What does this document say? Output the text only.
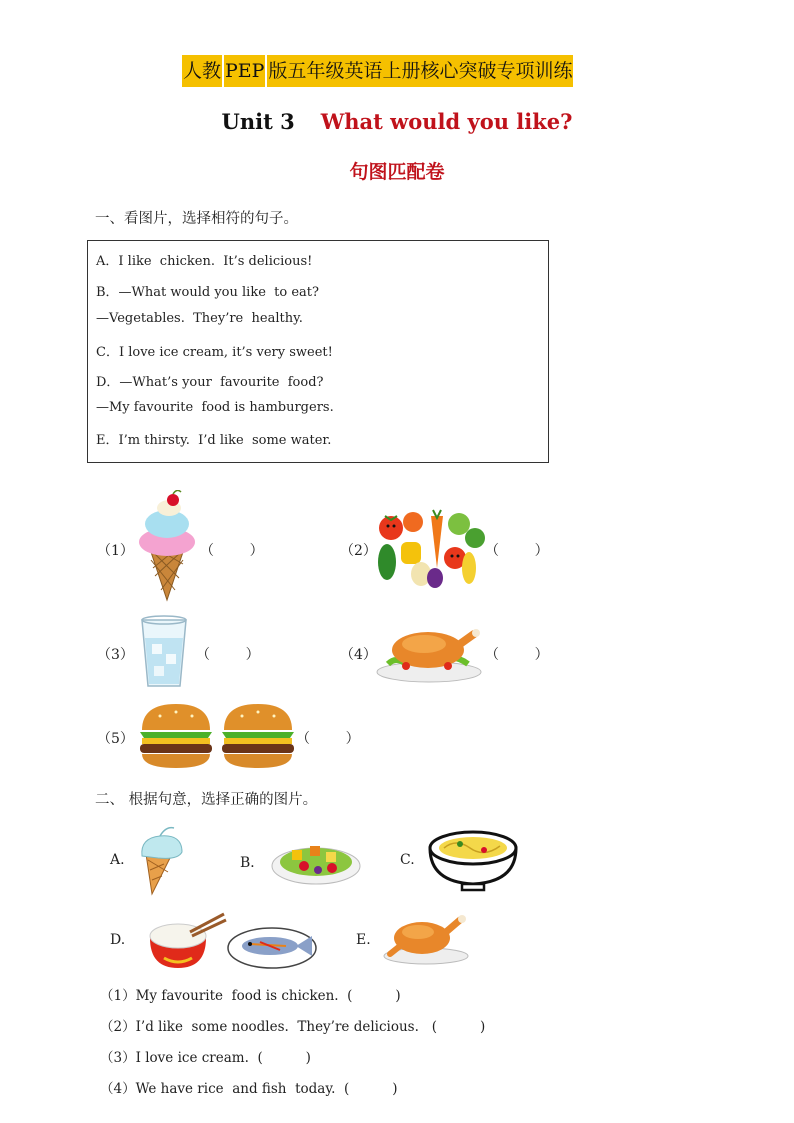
人教 PEP 版五年级英语上册核心突破专项训练
Unit 3 What would you like?
句图匹配卷
一、看图片，选择相符的句子。
A．I like  chicken.  It’s delicious!
B．—What would you like  to eat?
—Vegetables.  They’re  healthy.
C．I love ice cream, it’s very sweet!
D．—What’s your  favourite  food?
—My favourite  food is hamburgers.
E．I’m thirsty.  I’d like  some water.
（1）	（        ）	（2）	（        ）
（3）	（        ）	（4）	（        ）
（5）	（        ）
二、 根据句意，选择正确的图片。
A.	B．	C.
D.	E.
（1）My favourite  food is chicken.  (          )
（2）I’d like  some noodles.  They’re delicious.   (          )
（3）I love ice cream.  (          )
（4）We have rice  and fish  today.  (          )
